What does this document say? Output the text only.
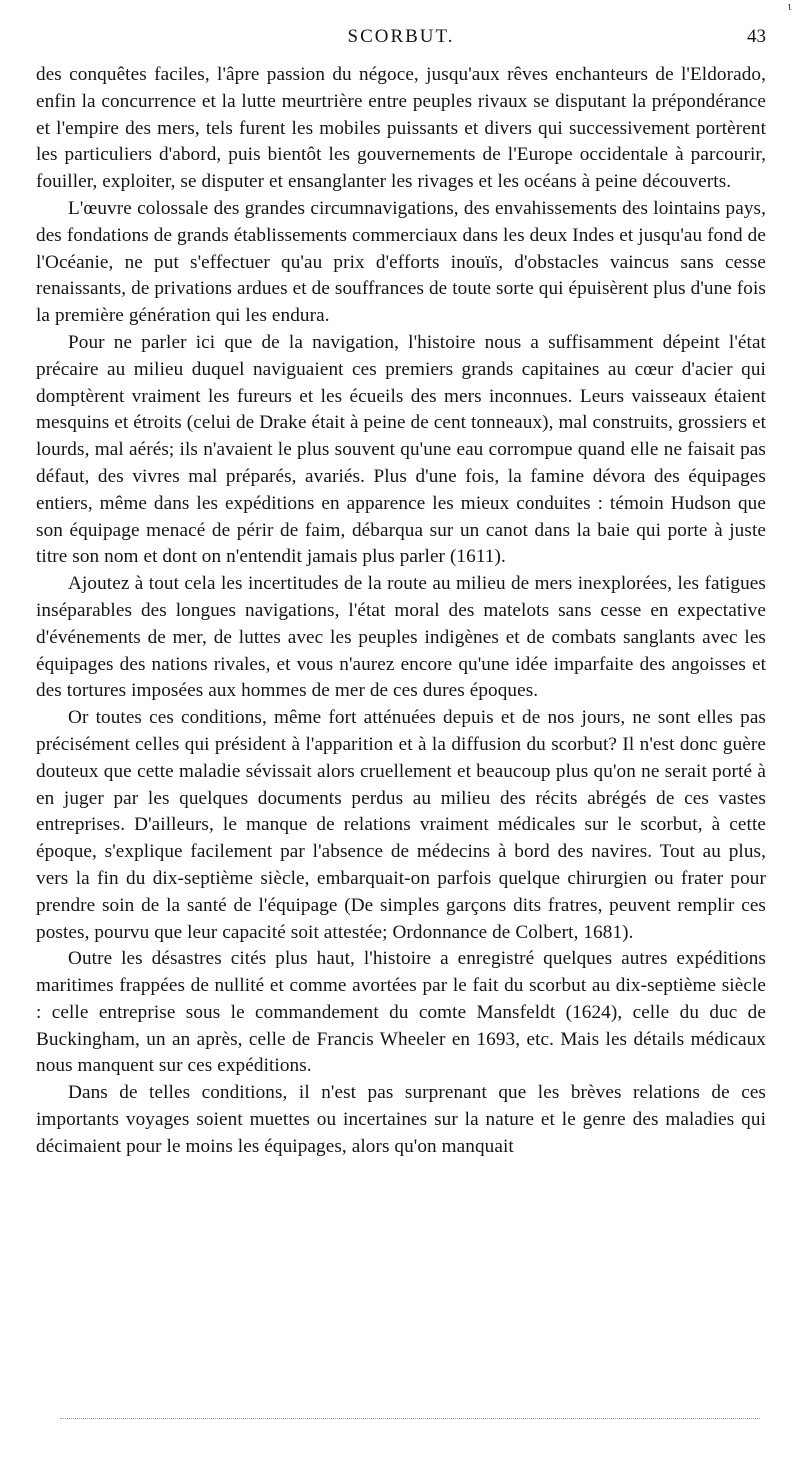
SCORBUT.	43
ι

des conquêtes faciles, l'âpre passion du négoce, jusqu'aux rêves enchanteurs de l'Eldorado, enfin la concurrence et la lutte meurtrière entre peuples rivaux se disputant la prépondérance et l'empire des mers, tels furent les mobiles puissants et divers qui successivement portèrent les particuliers d'abord, puis bientôt les gouvernements de l'Europe occidentale à parcourir, fouiller, exploiter, se disputer et ensanglanter les rivages et les océans à peine découverts.

L'œuvre colossale des grandes circumnavigations, des envahissements des lointains pays, des fondations de grands établissements commerciaux dans les deux Indes et jusqu'au fond de l'Océanie, ne put s'effectuer qu'au prix d'efforts inouïs, d'obstacles vaincus sans cesse renaissants, de privations ardues et de souffrances de toute sorte qui épuisèrent plus d'une fois la première génération qui les endura.

Pour ne parler ici que de la navigation, l'histoire nous a suffisamment dépeint l'état précaire au milieu duquel naviguaient ces premiers grands capitaines au cœur d'acier qui domptèrent vraiment les fureurs et les écueils des mers inconnues. Leurs vaisseaux étaient mesquins et étroits (celui de Drake était à peine de cent tonneaux), mal construits, grossiers et lourds, mal aérés; ils n'avaient le plus souvent qu'une eau corrompue quand elle ne faisait pas défaut, des vivres mal préparés, avariés. Plus d'une fois, la famine dévora des équipages entiers, même dans les expéditions en apparence les mieux conduites : témoin Hudson que son équipage menacé de périr de faim, débarqua sur un canot dans la baie qui porte à juste titre son nom et dont on n'entendit jamais plus parler (1611).

Ajoutez à tout cela les incertitudes de la route au milieu de mers inexplorées, les fatigues inséparables des longues navigations, l'état moral des matelots sans cesse en expectative d'événements de mer, de luttes avec les peuples indigènes et de combats sanglants avec les équipages des nations rivales, et vous n'aurez encore qu'une idée imparfaite des angoisses et des tortures imposées aux hommes de mer de ces dures époques.

Or toutes ces conditions, même fort atténuées depuis et de nos jours, ne sont elles pas précisément celles qui président à l'apparition et à la diffusion du scorbut? Il n'est donc guère douteux que cette maladie sévissait alors cruellement et beaucoup plus qu'on ne serait porté à en juger par les quelques documents perdus au milieu des récits abrégés de ces vastes entreprises. D'ailleurs, le manque de relations vraiment médicales sur le scorbut, à cette époque, s'explique facilement par l'absence de médecins à bord des navires. Tout au plus, vers la fin du dix-septième siècle, embarquait-on parfois quelque chirurgien ou frater pour prendre soin de la santé de l'équipage (De simples garçons dits fratres, peuvent remplir ces postes, pourvu que leur capacité soit attestée; Ordonnance de Colbert, 1681).

Outre les désastres cités plus haut, l'histoire a enregistré quelques autres expéditions maritimes frappées de nullité et comme avortées par le fait du scorbut au dix-septième siècle : celle entreprise sous le commandement du comte Mansfeldt (1624), celle du duc de Buckingham, un an après, celle de Francis Wheeler en 1693, etc. Mais les détails médicaux nous manquent sur ces expéditions.

Dans de telles conditions, il n'est pas surprenant que les brèves relations de ces importants voyages soient muettes ou incertaines sur la nature et le genre des maladies qui décimaient pour le moins les équipages, alors qu'on manquait
